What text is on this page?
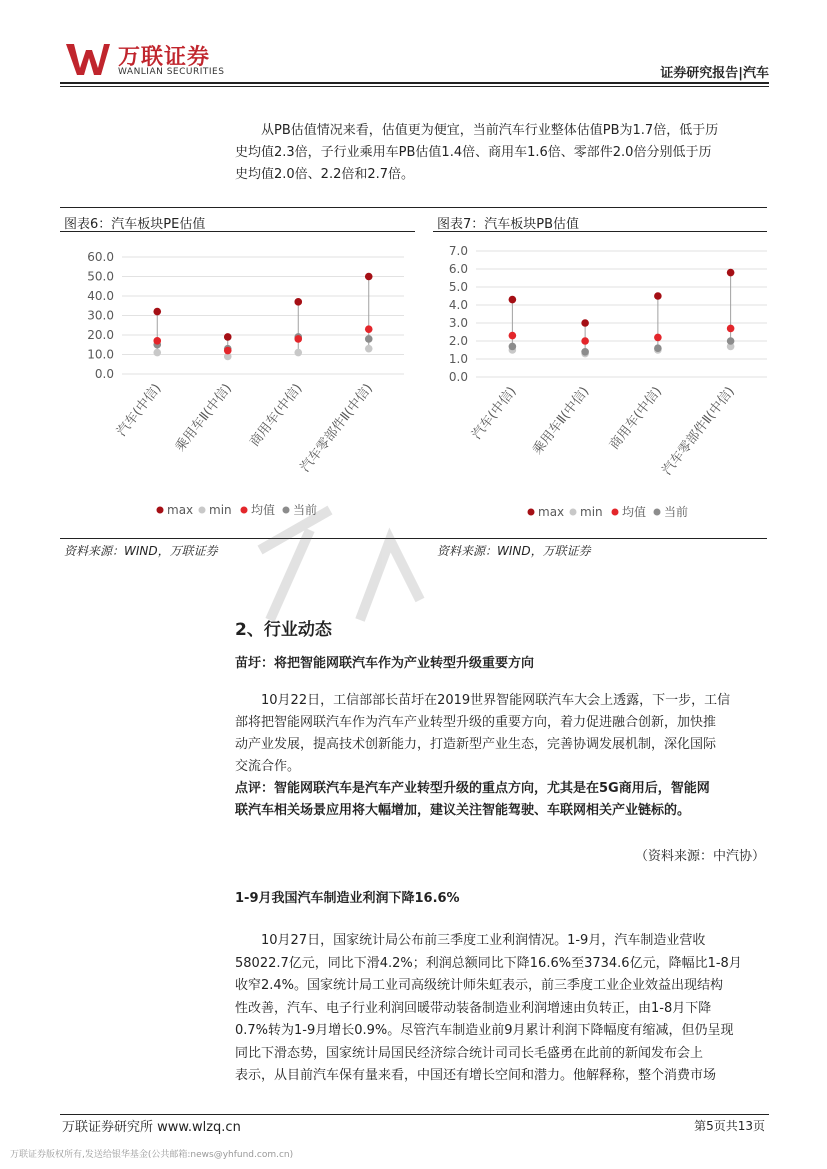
万联证券
WANLIAN SECURITIES	证券研究报告|汽车
从PB估值情况来看，估值更为便宜，当前汽车行业整体估值PB为1.7倍，低于历
史均值2.3倍，子行业乘用车PB估值1.4倍、商用车1.6倍、零部件2.0倍分别低于历
史均值2.0倍、2.2倍和2.7倍。
图表6：汽车板块PE估值	图表7：汽车板块PB估值
资料来源：WIND，万联证券	资料来源：WIND，万联证券
0.0
10.0
20.0
30.0
40.0
50.0
60.0
汽车(中信) 乘用车Ⅱ(中信) 商用车(中信)
汽车零部件Ⅱ(中信)
max min 均值 当前
0.0
1.0
2.0
3.0
4.0
5.0
6.0
7.0
汽车(中信) 乘用车Ⅱ(中信) 商用车(中信)
汽车零部件Ⅱ(中信)
max min 均值 当前
2、行业动态
苗圩：将把智能网联汽车作为产业转型升级重要方向
10月22日，工信部部长苗圩在2019世界智能网联汽车大会上透露，下一步，工信
部将把智能网联汽车作为汽车产业转型升级的重要方向，着力促进融合创新，加快推
动产业发展，提高技术创新能力，打造新型产业生态，完善协调发展机制，深化国际
交流合作。
点评：智能网联汽车是汽车产业转型升级的重点方向，尤其是在5G商用后，智能网
联汽车相关场景应用将大幅增加，建议关注智能驾驶、车联网相关产业链标的。
（资料来源：中汽协）
1-9月我国汽车制造业利润下降16.6%
10月27日，国家统计局公布前三季度工业利润情况。1-9月，汽车制造业营收
58022.7亿元，同比下滑4.2%；利润总额同比下降16.6%至3734.6亿元，降幅比1-8月
收窄2.4%。国家统计局工业司高级统计师朱虹表示，前三季度工业企业效益出现结构
性改善，汽车、电子行业利润回暖带动装备制造业利润增速由负转正，由1-8月下降
0.7%转为1-9月增长0.9%。尽管汽车制造业前9月累计利润下降幅度有缩减，但仍呈现
同比下滑态势，国家统计局国民经济综合统计司司长毛盛勇在此前的新闻发布会上
表示，从目前汽车保有量来看，中国还有增长空间和潜力。他解释称，整个消费市场
万联证券研究所 www.wlzq.cn	第5页共13页
万联证券版权所有,发送给银华基金(公共邮箱:news@yhfund.com.cn)
